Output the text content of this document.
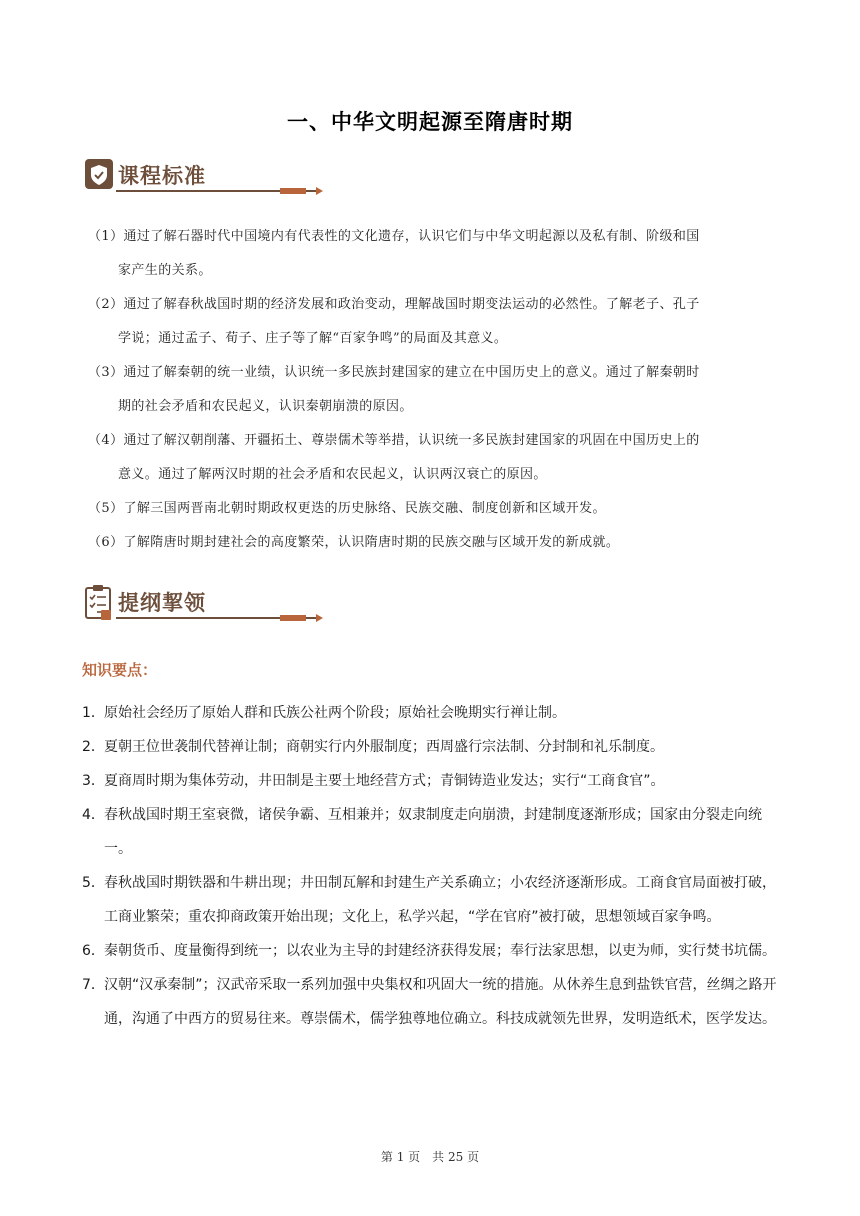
一、中华文明起源至隋唐时期
课程标准
（1）通过了解石器时代中国境内有代表性的文化遗存，认识它们与中华文明起源以及私有制、阶级和国
家产生的关系。
（2）通过了解春秋战国时期的经济发展和政治变动，理解战国时期变法运动的必然性。了解老子、孔子
学说；通过孟子、荀子、庄子等了解“百家争鸣”的局面及其意义。
（3）通过了解秦朝的统一业绩，认识统一多民族封建国家的建立在中国历史上的意义。通过了解秦朝时
期的社会矛盾和农民起义，认识秦朝崩溃的原因。
（4）通过了解汉朝削藩、开疆拓土、尊崇儒术等举措，认识统一多民族封建国家的巩固在中国历史上的
意义。通过了解两汉时期的社会矛盾和农民起义，认识两汉衰亡的原因。
（5）了解三国两晋南北朝时期政权更迭的历史脉络、民族交融、制度创新和区域开发。
（6）了解隋唐时期封建社会的高度繁荣，认识隋唐时期的民族交融与区域开发的新成就。
提纲挈领
知识要点：
1．原始社会经历了原始人群和氏族公社两个阶段；原始社会晚期实行禅让制。
2．夏朝王位世袭制代替禅让制；商朝实行内外服制度；西周盛行宗法制、分封制和礼乐制度。
3．夏商周时期为集体劳动，井田制是主要土地经营方式；青铜铸造业发达；实行“工商食官”。
4．春秋战国时期王室衰微，诸侯争霸、互相兼并；奴隶制度走向崩溃，封建制度逐渐形成；国家由分裂走向统一。
5．春秋战国时期铁器和牛耕出现；井田制瓦解和封建生产关系确立；小农经济逐渐形成。工商食官局面被打破，工商业繁荣；重农抑商政策开始出现；文化上，私学兴起，“学在官府”被打破，思想领域百家争鸣。
6．秦朝货币、度量衡得到统一；以农业为主导的封建经济获得发展；奉行法家思想，以吏为师，实行焚书坑儒。
7．汉朝“汉承秦制”；汉武帝采取一系列加强中央集权和巩固大一统的措施。从休养生息到盐铁官营，丝绸之路开通，沟通了中西方的贸易往来。尊崇儒术，儒学独尊地位确立。科技成就领先世界，发明造纸术，医学发达。
第 1 页　共 25 页
